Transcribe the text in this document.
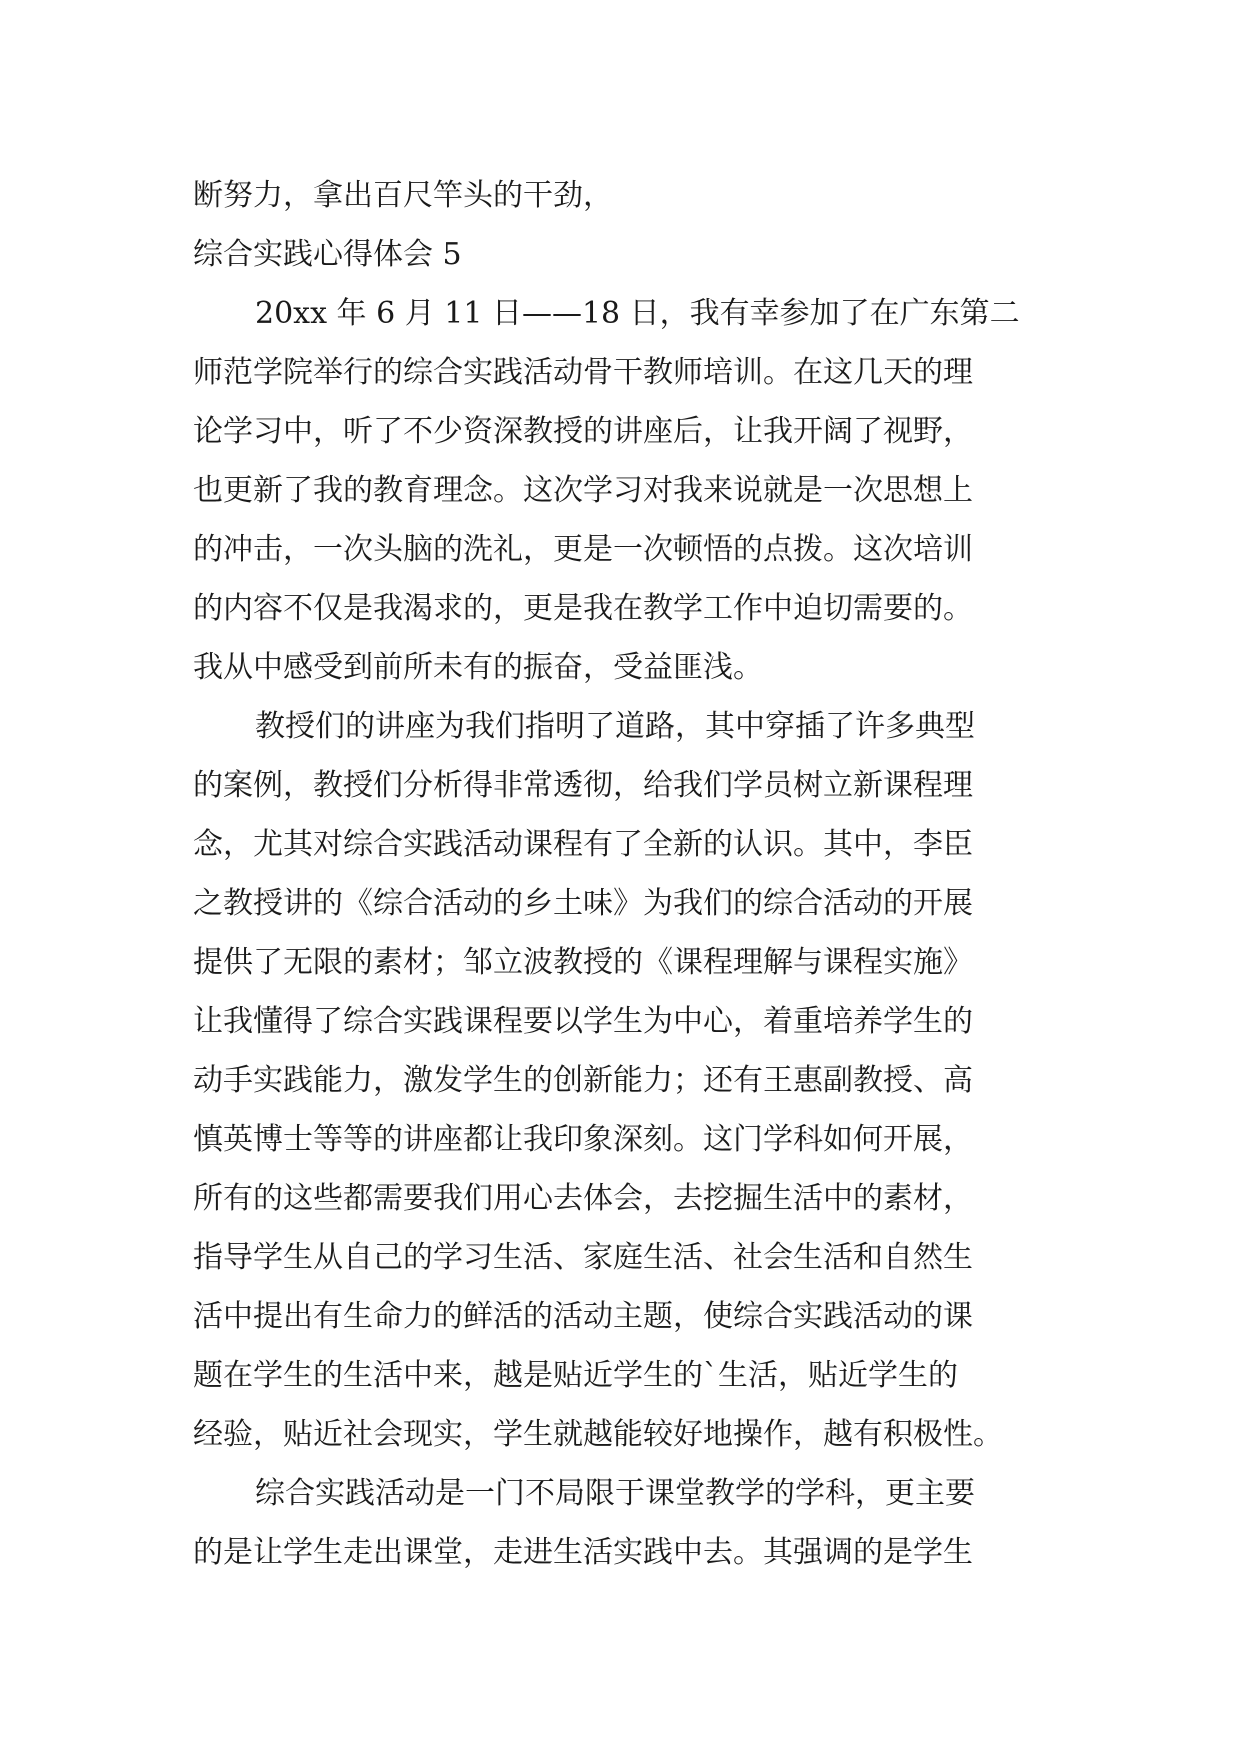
断努力，拿出百尺竿头的干劲，
综合实践心得体会 5
20xx 年 6 月 11 日——18 日，我有幸参加了在广东第二
师范学院举行的综合实践活动骨干教师培训。在这几天的理
论学习中，听了不少资深教授的讲座后，让我开阔了视野，
也更新了我的教育理念。这次学习对我来说就是一次思想上
的冲击，一次头脑的洗礼，更是一次顿悟的点拨。这次培训
的内容不仅是我渴求的，更是我在教学工作中迫切需要的。
我从中感受到前所未有的振奋，受益匪浅。
教授们的讲座为我们指明了道路，其中穿插了许多典型
的案例，教授们分析得非常透彻，给我们学员树立新课程理
念，尤其对综合实践活动课程有了全新的认识。其中，李臣
之教授讲的《综合活动的乡土味》为我们的综合活动的开展
提供了无限的素材；邹立波教授的《课程理解与课程实施》
让我懂得了综合实践课程要以学生为中心，着重培养学生的
动手实践能力，激发学生的创新能力；还有王惠副教授、高
慎英博士等等的讲座都让我印象深刻。这门学科如何开展，
所有的这些都需要我们用心去体会，去挖掘生活中的素材，
指导学生从自己的学习生活、家庭生活、社会生活和自然生
活中提出有生命力的鲜活的活动主题，使综合实践活动的课
题在学生的生活中来，越是贴近学生的`生活，贴近学生的
经验，贴近社会现实，学生就越能较好地操作，越有积极性。
综合实践活动是一门不局限于课堂教学的学科，更主要
的是让学生走出课堂，走进生活实践中去。其强调的是学生
